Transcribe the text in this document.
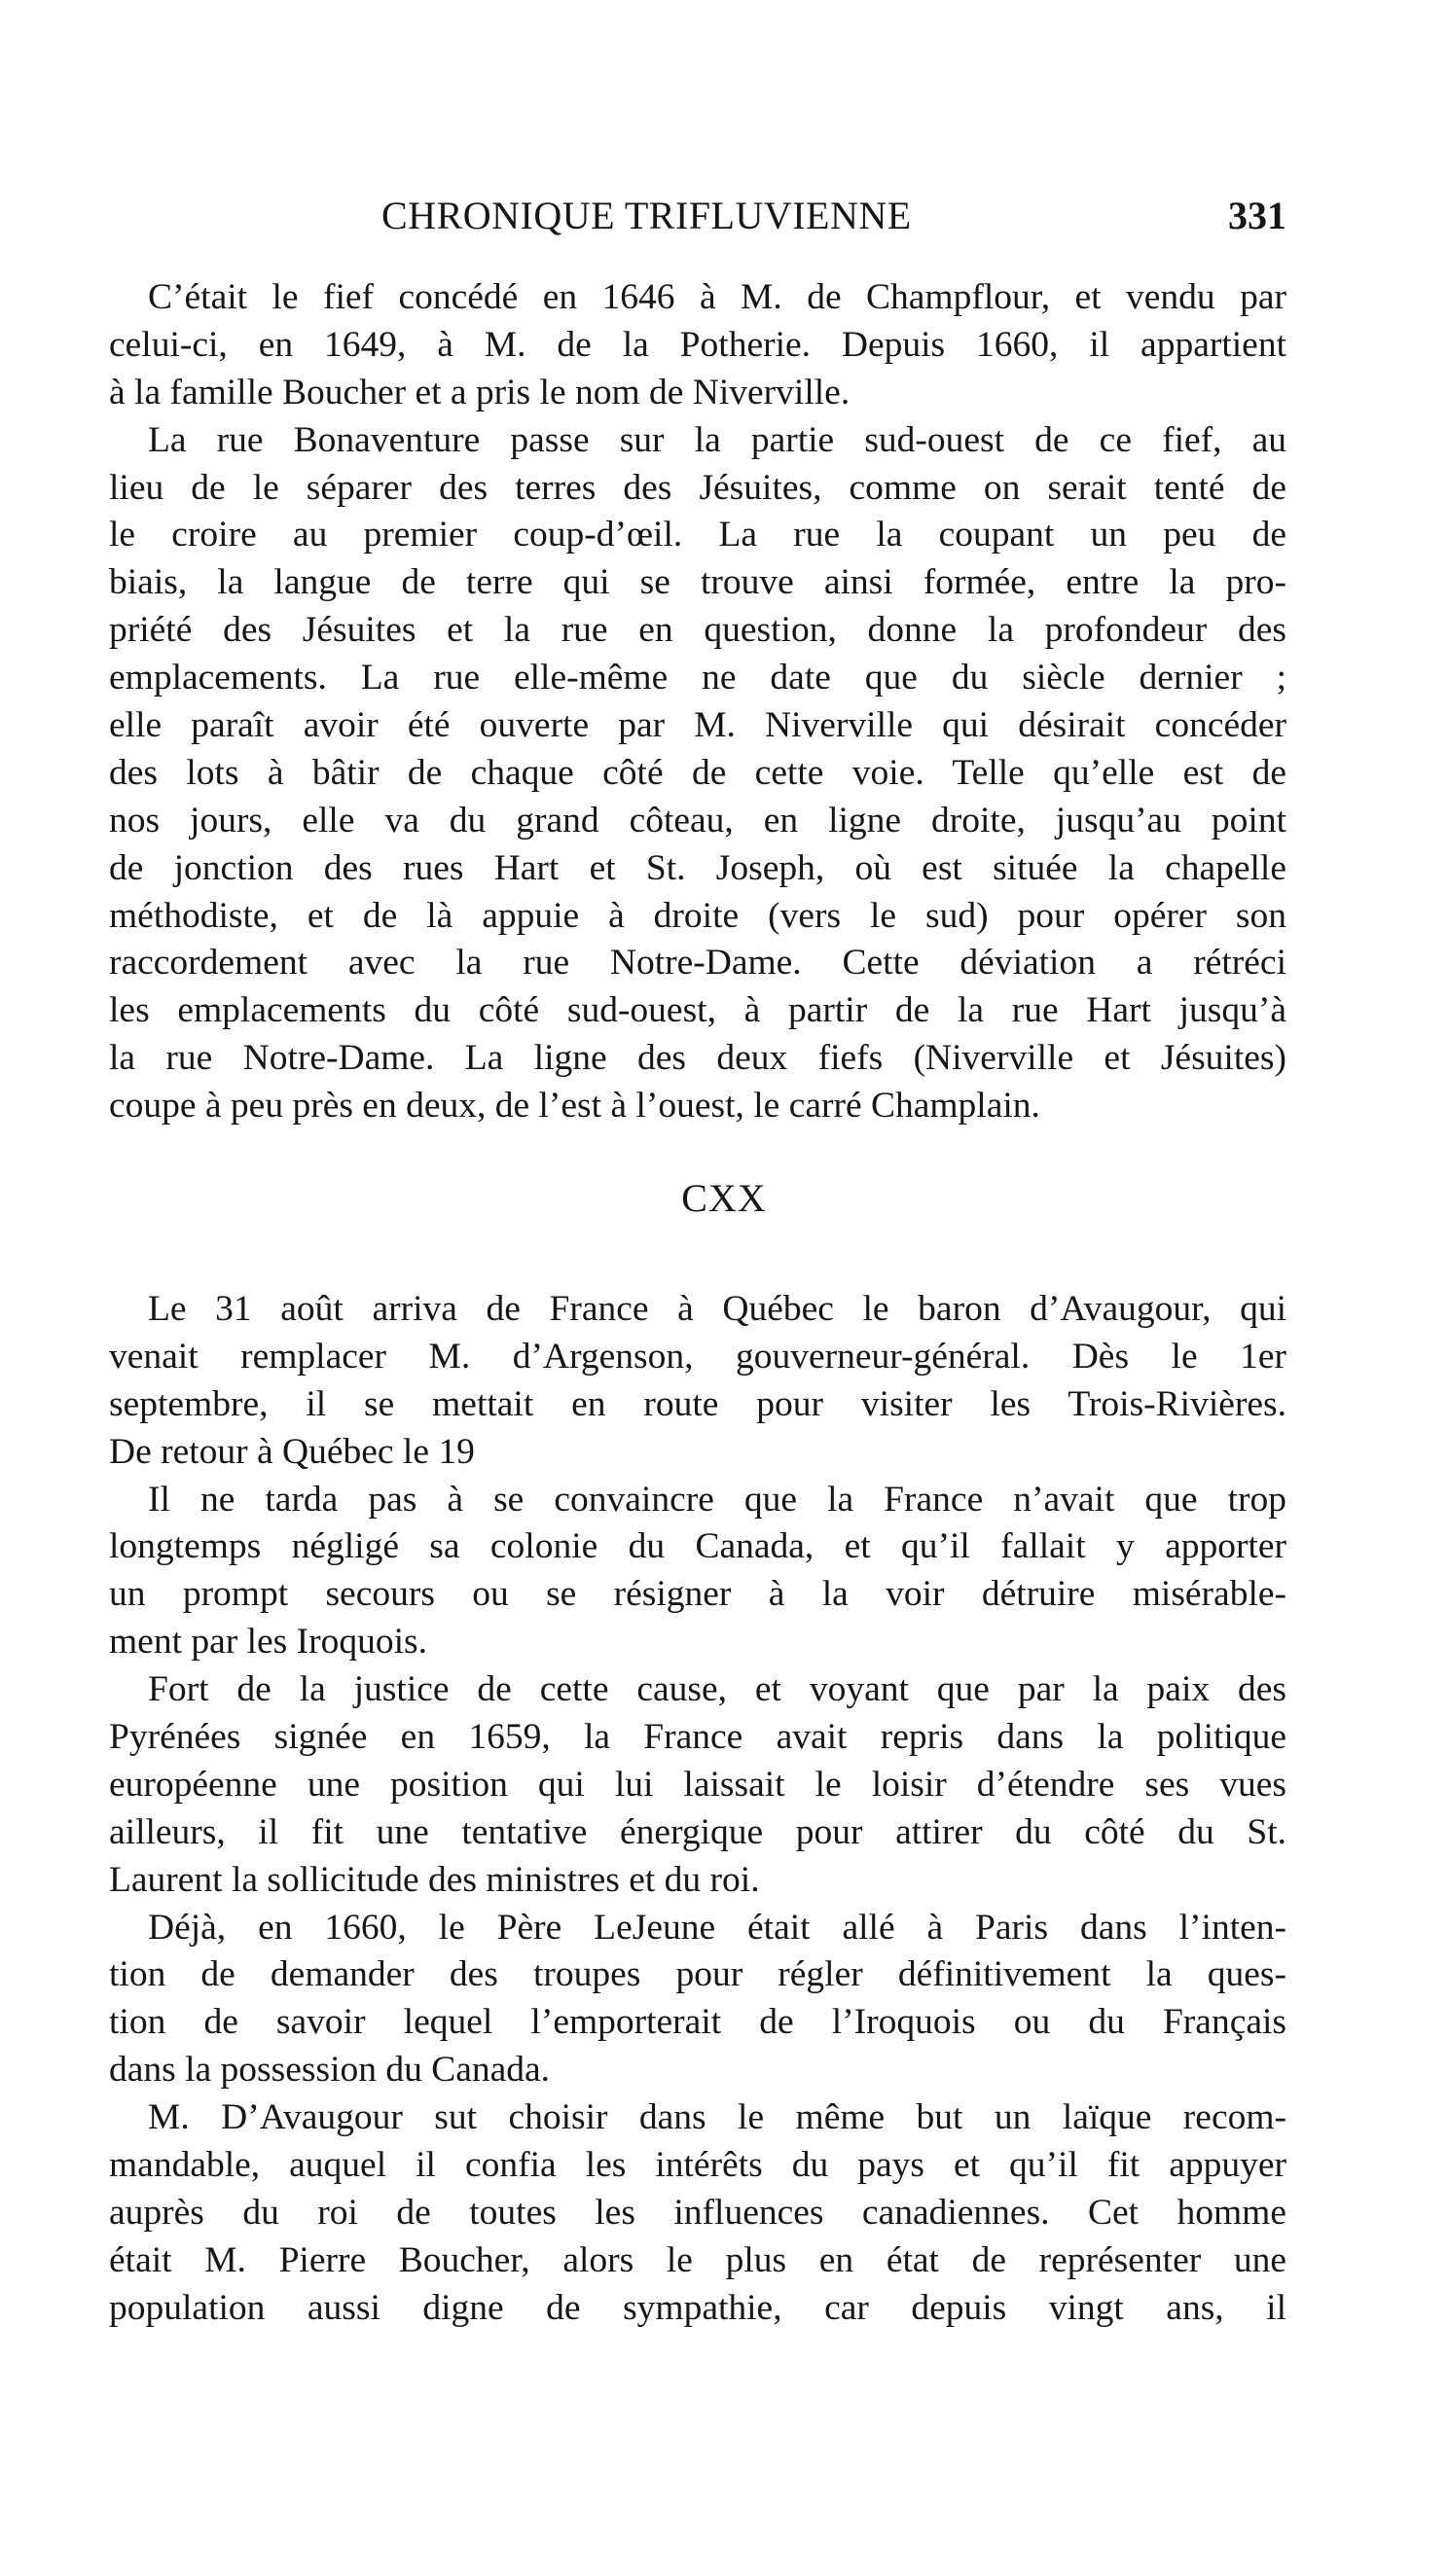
CHRONIQUE TRIFLUVIENNE	331
C’était le fief concédé en 1646 à M. de Champflour, et vendu par
celui-ci, en 1649, à M. de la Potherie. Depuis 1660, il appartient
à la famille Boucher et a pris le nom de Niverville.
La rue Bonaventure passe sur la partie sud-ouest de ce fief, au
lieu de le séparer des terres des Jésuites, comme on serait tenté de
le croire au premier coup-d’œil. La rue la coupant un peu de
biais, la langue de terre qui se trouve ainsi formée, entre la pro-
priété des Jésuites et la rue en question, donne la profondeur des
emplacements. La rue elle-même ne date que du siècle dernier ;
elle paraît avoir été ouverte par M. Niverville qui désirait concéder
des lots à bâtir de chaque côté de cette voie. Telle qu’elle est de
nos jours, elle va du grand côteau, en ligne droite, jusqu’au point
de jonction des rues Hart et St. Joseph, où est située la chapelle
méthodiste, et de là appuie à droite (vers le sud) pour opérer son
raccordement avec la rue Notre-Dame. Cette déviation a rétréci
les emplacements du côté sud-ouest, à partir de la rue Hart jusqu’à
la rue Notre-Dame. La ligne des deux fiefs (Niverville et Jésuites)
coupe à peu près en deux, de l’est à l’ouest, le carré Champlain.
CXX
Le 31 août arriva de France à Québec le baron d’Avaugour, qui
venait remplacer M. d’Argenson, gouverneur-général. Dès le 1er
septembre, il se mettait en route pour visiter les Trois-Rivières.
De retour à Québec le 19
Il ne tarda pas à se convaincre que la France n’avait que trop
longtemps négligé sa colonie du Canada, et qu’il fallait y apporter
un prompt secours ou se résigner à la voir détruire misérable-
ment par les Iroquois.
Fort de la justice de cette cause, et voyant que par la paix des
Pyrénées signée en 1659, la France avait repris dans la politique
européenne une position qui lui laissait le loisir d’étendre ses vues
ailleurs, il fit une tentative énergique pour attirer du côté du St.
Laurent la sollicitude des ministres et du roi.
Déjà, en 1660, le Père LeJeune était allé à Paris dans l’inten-
tion de demander des troupes pour régler définitivement la ques-
tion de savoir lequel l’emporterait de l’Iroquois ou du Français
dans la possession du Canada.
M. D’Avaugour sut choisir dans le même but un laïque recom-
mandable, auquel il confia les intérêts du pays et qu’il fit appuyer
auprès du roi de toutes les influences canadiennes. Cet homme
était M. Pierre Boucher, alors le plus en état de représenter une
population aussi digne de sympathie, car depuis vingt ans, il
